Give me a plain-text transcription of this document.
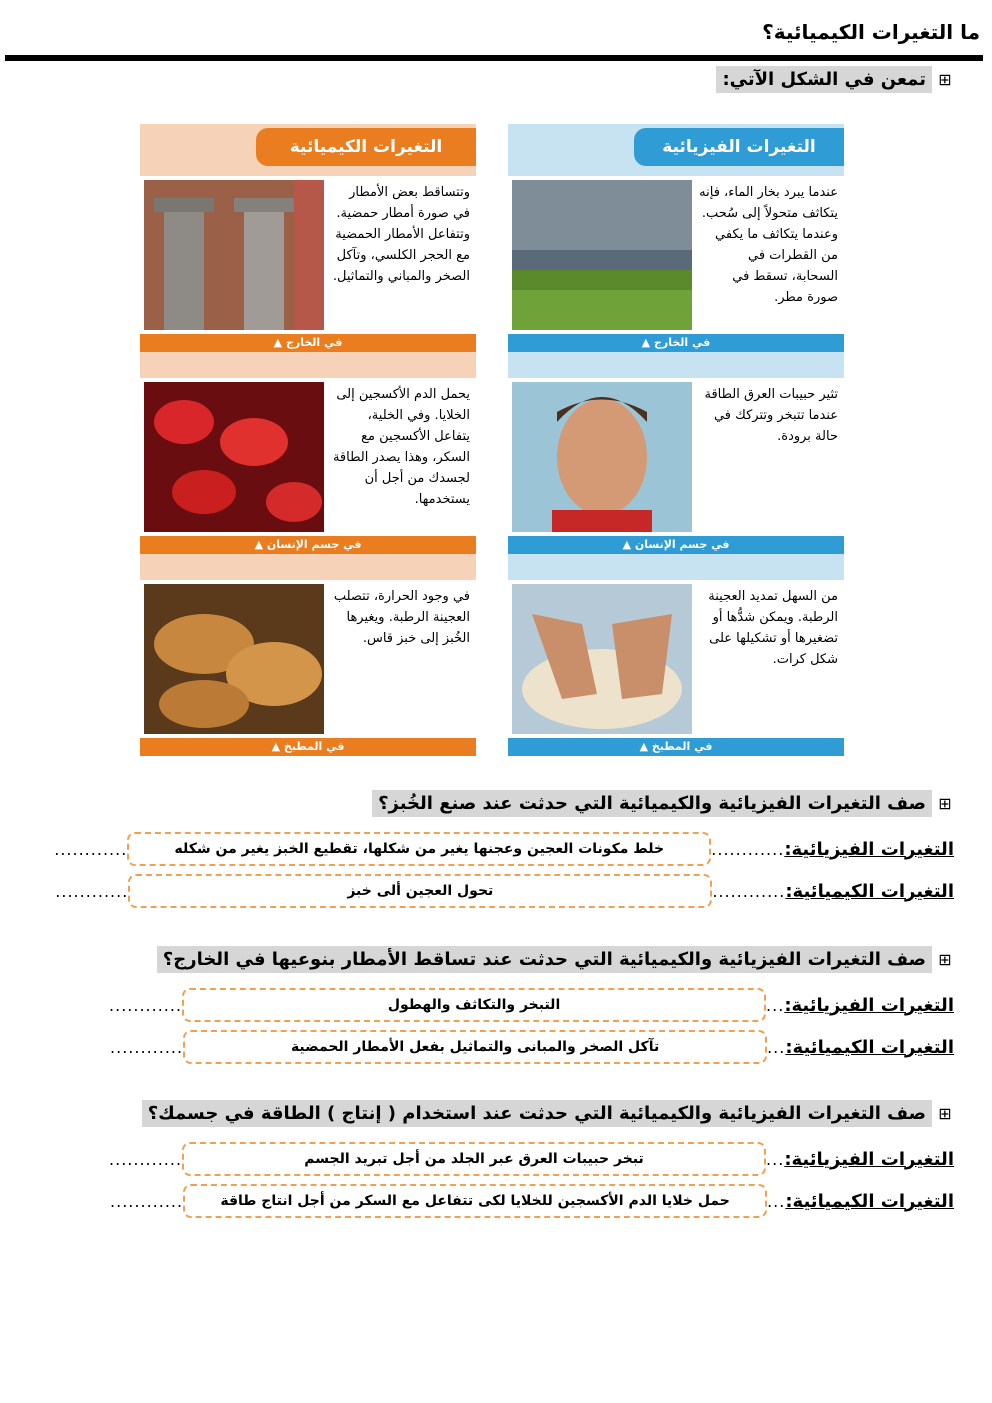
ما التغيرات الكيميائية؟
⊞
تمعن في الشكل الآتي:
التغيرات الكيميائية
وتتساقط بعض الأمطار في صورة أمطار حمضية. وتتفاعل الأمطار الحمضية مع الحجر الكلسي، وتآكل الصخر والمباني والتماثيل.
في الخارج ▲
يحمل الدم الأكسجين إلى الخلايا. وفي الخلية، يتفاعل الأكسجين مع السكر، وهذا يصدر الطاقة لجسدك من أجل أن يستخدمها.
في جسم الإنسان ▲
في وجود الحرارة، تتصلب العجينة الرطبة. ويغيرها الخُبز إلى خبز قاس.
في المطبخ ▲
التغيرات الفيزيائية
عندما يبرد بخار الماء، فإنه يتكاثف متحولاً إلى سُحب. وعندما يتكاثف ما يكفي من القطرات في السحابة، تسقط في صورة مطر.
في الخارج ▲
تثير حبيبات العرق الطاقة عندما تتبخر وتتركك في حالة برودة.
في جسم الإنسان ▲
من السهل تمديد العجينة الرطبة. ويمكن شدُّها أو تضغيرها أو تشكيلها على شكل كرات.
في المطبخ ▲
⊞
صف التغيرات الفيزيائية والكيميائية التي حدثت عند صنع الخُبز؟
التغيرات الفيزيائية:
............
خلط مكونات العجين وعجنها يغير من شكلها، تقطيع الخبز يغير من شكله
............
التغيرات الكيميائية:
............
تحول العجين ألى خبز
............
⊞
صف التغيرات الفيزيائية والكيميائية التي حدثت عند تساقط الأمطار بنوعيها في الخارج؟
التغيرات الفيزيائية:
...
التبخر والتكاثف والهطول
............
التغيرات الكيميائية:
...
تآكل الصخر والمبانى والتماثيل بفعل الأمطار الحمضية
............
⊞
صف التغيرات الفيزيائية والكيميائية التي حدثت عند استخدام ( إنتاج ) الطاقة في جسمك؟
التغيرات الفيزيائية:
...
تبخر حبيبات العرق عبر الجلد من أجل تبريد الجسم
............
التغيرات الكيميائية:
...
حمل خلايا الدم الأكسجين للخلايا لكى تتفاعل مع السكر من أجل انتاج طاقة
............
